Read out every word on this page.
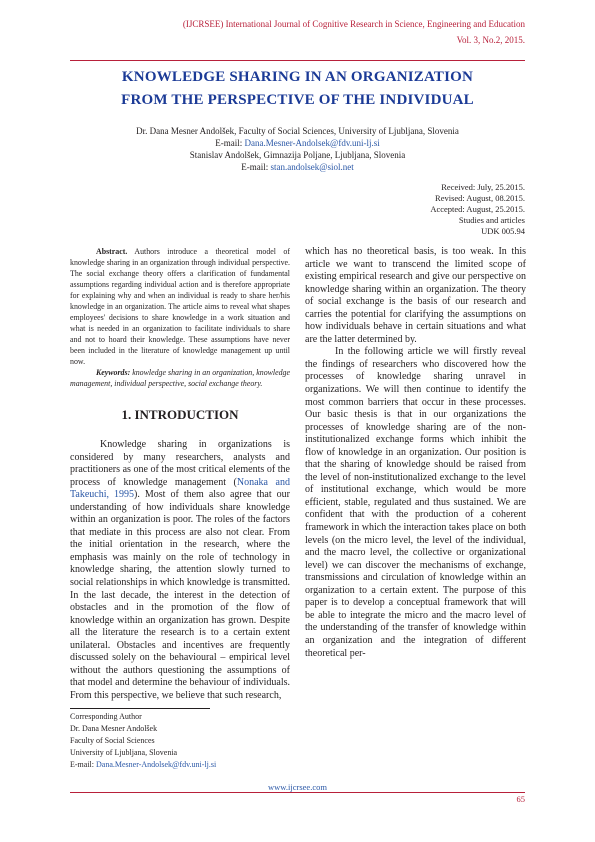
(IJCRSEE) International Journal of Cognitive Research in Science, Engineering and Education
Vol. 3, No.2, 2015.
KNOWLEDGE SHARING IN AN ORGANIZATION
FROM THE PERSPECTIVE OF THE INDIVIDUAL
Dr. Dana Mesner Andolšek, Faculty of Social Sciences, University of Ljubljana, Slovenia
E-mail: Dana.Mesner-Andolsek@fdv.uni-lj.si
Stanislav Andolšek, Gimnazija Poljane, Ljubljana, Slovenia
E-mail: stan.andolsek@siol.net
Received: July, 25.2015.
Revised: August, 08.2015.
Accepted: August, 25.2015.
Studies and articles
UDK 005.94

Abstract. Authors introduce a theoretical model of knowledge sharing in an organization through individual perspective. The social exchange theory offers a clarification of fundamental assumptions regarding individual action and is therefore appropriate for explaining why and when an individual is ready to share her/his knowledge in an organization. The article aims to reveal what shapes employees' decisions to share knowledge in a work situation and what is needed in an organization to facilitate individuals to share and not to hoard their knowledge. These assumptions have never been included in the literature of knowledge management up until now.

Keywords: knowledge sharing in an organization, knowledge management, individual perspective, social exchange theory.

1. INTRODUCTION

Knowledge sharing in organizations is considered by many researchers, analysts and practitioners as one of the most critical elements of the process of knowledge management (Nonaka and Takeuchi, 1995). Most of them also agree that our understanding of how individuals share knowledge within an organization is poor. The roles of the factors that mediate in this process are also not clear. From the initial orientation in the research, where the emphasis was mainly on the role of technology in knowledge sharing, the attention slowly turned to social relationships in which knowledge is transmitted. In the last decade, the interest in the detection of obstacles and in the promotion of the flow of knowledge within an organization has grown. Despite all the literature the research is to a certain extent unilateral. Obstacles and incentives are frequently discussed solely on the behavioural – empirical level without the authors questioning the assumptions of that model and determine the behaviour of individuals. From this perspective, we believe that such research,

which has no theoretical basis, is too weak. In this article we want to transcend the limited scope of existing empirical research and give our perspective on knowledge sharing within an organization. The theory of social exchange is the basis of our research and carries the potential for clarifying the assumptions on how individuals behave in certain situations and what are the latter determined by.

In the following article we will firstly reveal the findings of researchers who discovered how the processes of knowledge sharing unravel in organizations. We will then continue to identify the most common barriers that occur in these processes. Our basic thesis is that in our organizations the processes of knowledge sharing are of the non-institutionalized exchange forms which inhibit the flow of knowledge in an organization. Our position is that the sharing of knowledge should be raised from the level of non-institutionalized exchange to the level of institutional exchange, which would be more efficient, stable, regulated and thus sustained. We are confident that with the production of a coherent framework in which the interaction takes place on both levels (on the micro level, the level of the individual, and the macro level, the collective or organizational level) we can discover the mechanisms of exchange, transmissions and circulation of knowledge within an organization to a certain extent. The purpose of this paper is to develop a conceptual framework that will be able to integrate the micro and the macro level of the understanding of the transfer of knowledge within an organization and the integration of different theoretical per-

Corresponding Author
Dr. Dana Mesner Andolšek
Faculty of Social Sciences
University of Ljubljana, Slovenia
E-mail: Dana.Mesner-Andolsek@fdv.uni-lj.si
www.ijcrsee.com
65
